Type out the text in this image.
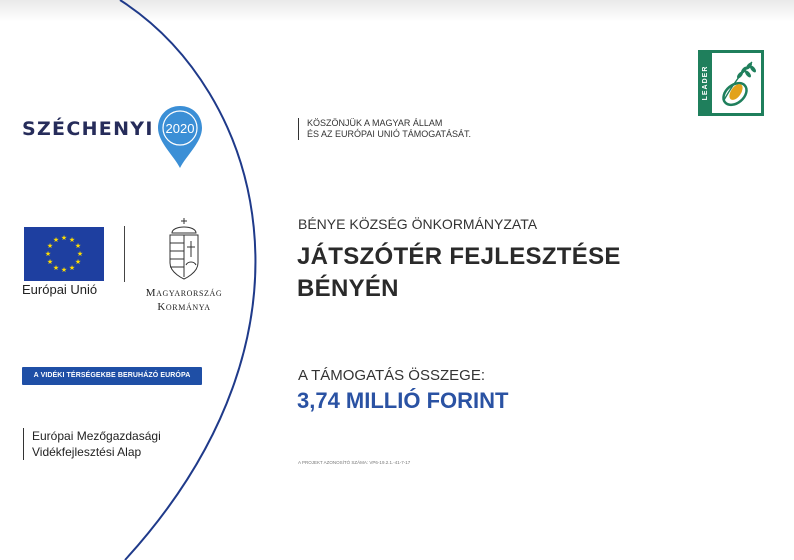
SZÉCHENYI 2020
★ ★
★
★
★
★
★
★
★
★
★
★
Európai Unió	Magyarország
Kormánya
A VIDÉKI TÉRSÉGEKBE BERUHÁZÓ EURÓPA
Európai Mezőgazdasági
Vidékfejlesztési Alap
KÖSZÖNJÜK A MAGYAR ÁLLAM
ÉS AZ EURÓPAI UNIÓ TÁMOGATÁSÁT.
BÉNYE KÖZSÉG ÖNKORMÁNYZATA
JÁTSZÓTÉR FEJLESZTÉSE
BÉNYÉN
A TÁMOGATÁS ÖSSZEGE:
3,74 MILLIÓ FORINT
A PROJEKT AZONOSÍTÓ SZÁMA: VP6-19.2.1.-41-7-17
LEADER
